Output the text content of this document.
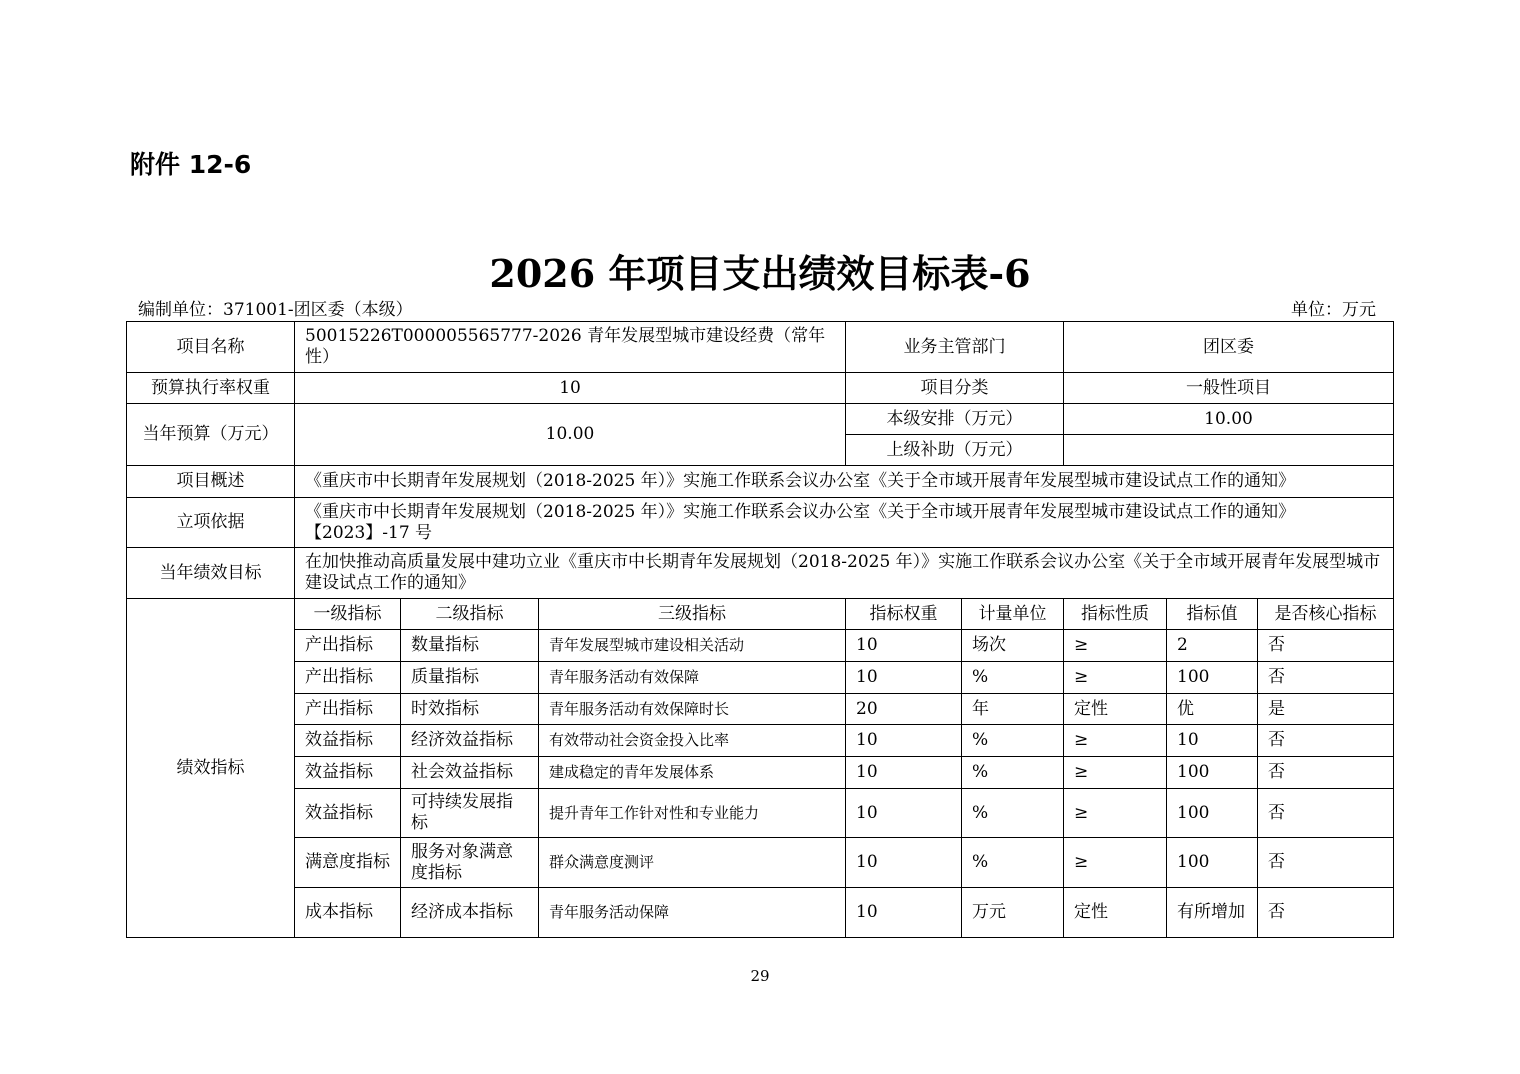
附件 12-6
2026 年项目支出绩效目标表-6
编制单位：371001-团区委（本级）	单位：万元
项目名称	50015226T000005565777-2026 青年发展型城市建设经费（常年性）			业务主管部门		团区委		
预算执行率权重	10			项目分类		一般性项目		
当年预算（万元）	10.00			本级安排（万元）		10.00		
				上级补助（万元）				
项目概述	《重庆市中长期青年发展规划（2018-2025 年）》实施工作联系会议办公室《关于全市域开展青年发展型城市建设试点工作的通知》							
立项依据	《重庆市中长期青年发展规划（2018-2025 年）》实施工作联系会议办公室《关于全市域开展青年发展型城市建设试点工作的通知》【2023】-17 号							
当年绩效目标	在加快推动高质量发展中建功立业《重庆市中长期青年发展规划（2018-2025 年）》实施工作联系会议办公室《关于全市域开展青年发展型城市建设试点工作的通知》							
绩效指标	一级指标	二级指标	三级指标	指标权重	计量单位	指标性质	指标值	是否核心指标
	产出指标	数量指标	青年发展型城市建设相关活动	10	场次	≥	2	否
	产出指标	质量指标	青年服务活动有效保障	10	%	≥	100	否
	产出指标	时效指标	青年服务活动有效保障时长	20	年	定性	优	是
	效益指标	经济效益指标	有效带动社会资金投入比率	10	%	≥	10	否
	效益指标	社会效益指标	建成稳定的青年发展体系	10	%	≥	100	否
	效益指标	可持续发展指标	提升青年工作针对性和专业能力	10	%	≥	100	否
	满意度指标	服务对象满意度指标	群众满意度测评	10	%	≥	100	否
	成本指标	经济成本指标	青年服务活动保障	10	万元	定性	有所增加	否
29
